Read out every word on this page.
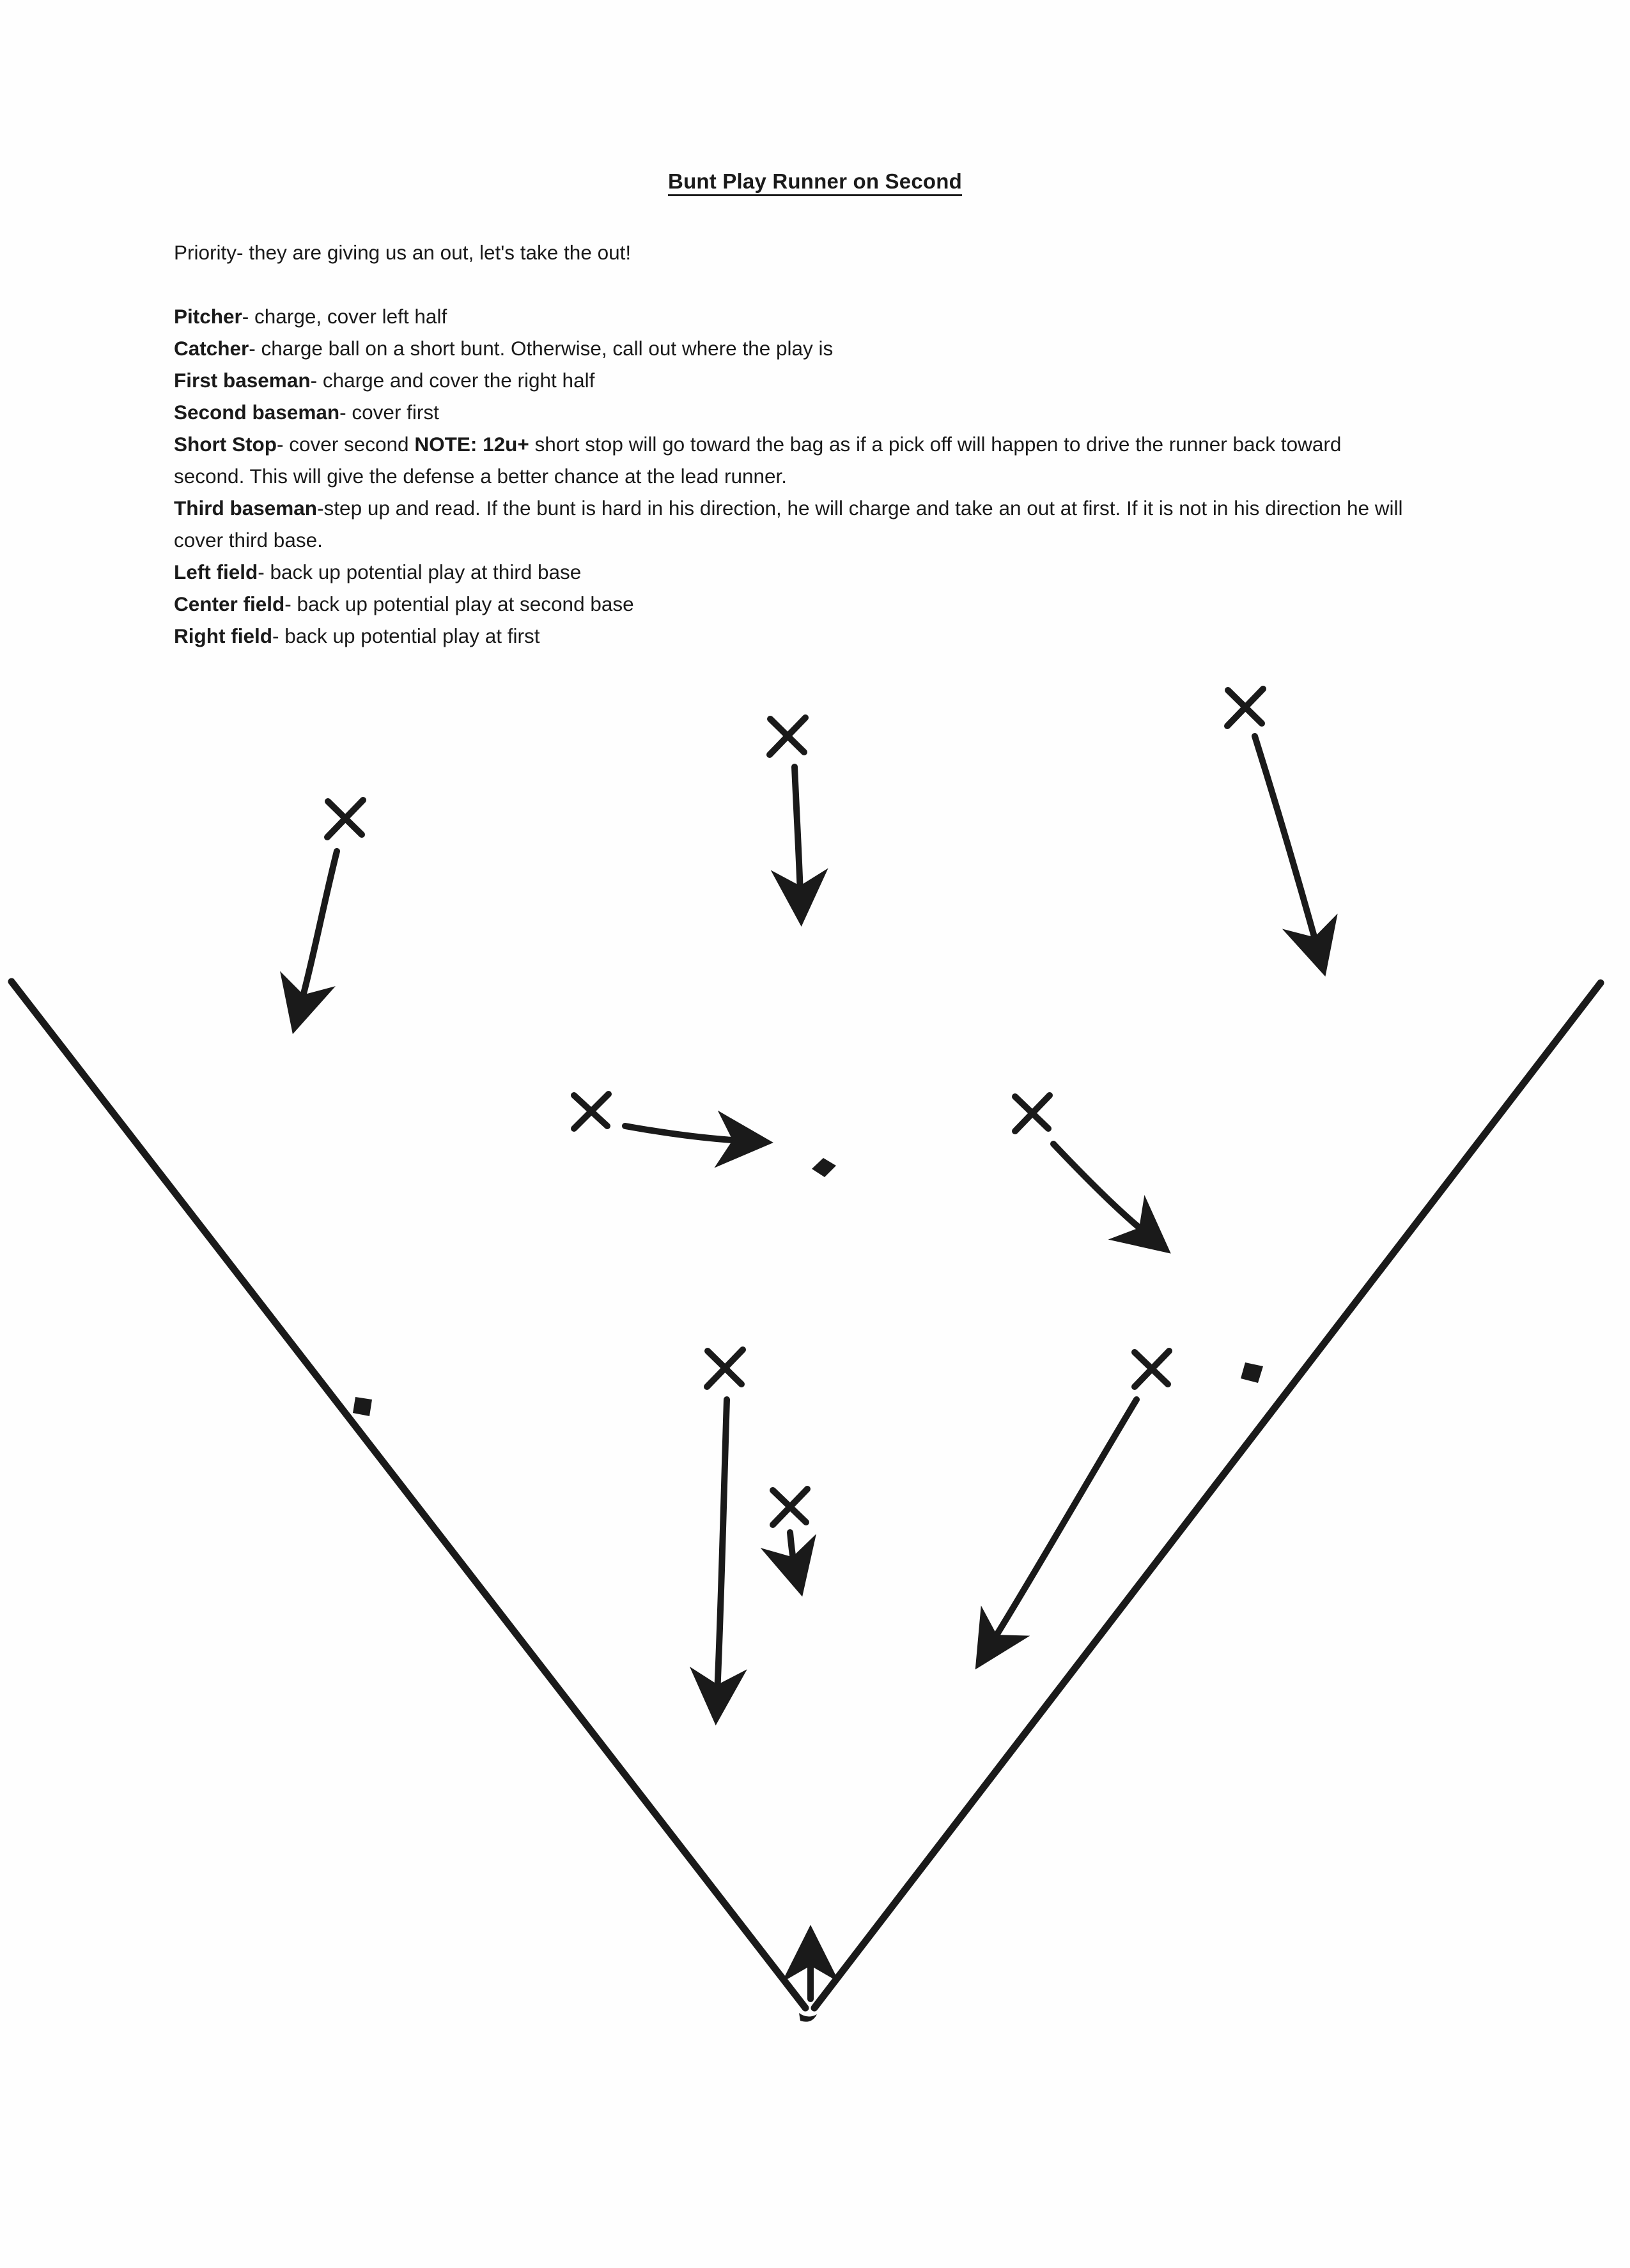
Bunt Play Runner on Second
Priority- they are giving us an out, let's take the out!
Pitcher- charge, cover left half
Catcher- charge ball on a short bunt. Otherwise, call out where the play is
First baseman- charge and cover the right half
Second baseman- cover first
Short Stop- cover second NOTE: 12u+ short stop will go toward the bag as if a pick off will happen to drive the runner back toward second. This will give the defense a better chance at the lead runner.
Third baseman-step up and read. If the bunt is hard in his direction, he will charge and take an out at first. If it is not in his direction he will cover third base.
Left field- back up potential play at third base
Center field- back up potential play at second base
Right field- back up potential play at first
